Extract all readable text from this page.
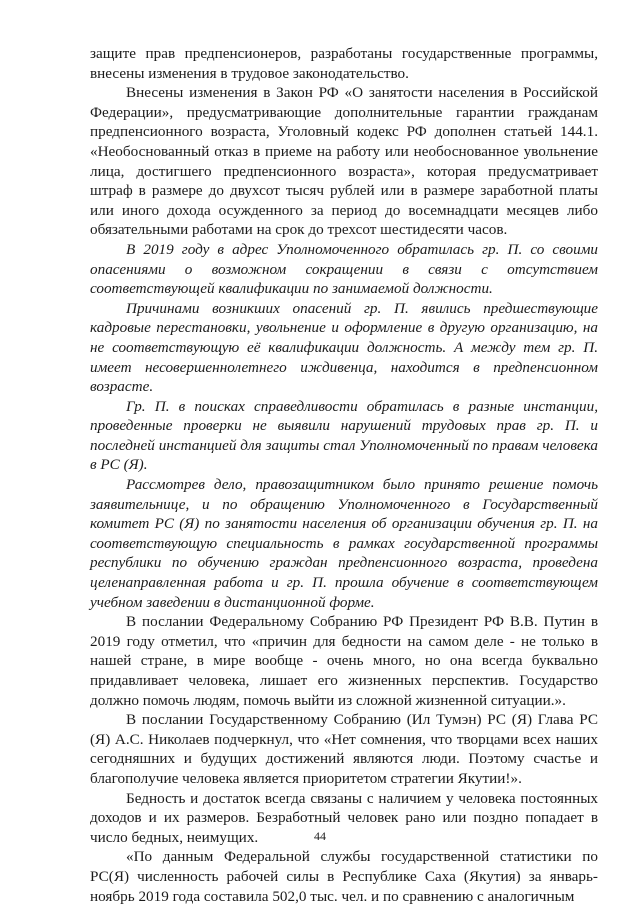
защите прав предпенсионеров, разработаны государственные программы, внесены изменения в трудовое законодательство.

Внесены изменения в Закон РФ «О занятости населения в Российской Федерации», предусматривающие дополнительные гарантии гражданам предпенсионного возраста, Уголовный кодекс РФ дополнен статьей 144.1. «Необоснованный отказ в приеме на работу или необоснованное увольнение лица, достигшего предпенсионного возраста», которая предусматривает штраф в размере до двухсот тысяч рублей или в размере заработной платы или иного дохода осужденного за период до восемнадцати месяцев либо обязательными работами на срок до трехсот шестидесяти часов.

В 2019 году в адрес Уполномоченного обратилась гр. П. со своими опасениями о возможном сокращении в связи с отсутствием соответствующей квалификации по занимаемой должности.

Причинами возникших опасений гр. П. явились предшествующие кадровые перестановки, увольнение и оформление в другую организацию, на не соответствующую её квалификации должность. А между тем гр. П. имеет несовершеннолетнего иждивенца, находится в предпенсионном возрасте.

Гр. П. в поисках справедливости обратилась в разные инстанции, проведенные проверки не выявили нарушений трудовых прав гр. П. и последней инстанцией для защиты стал Уполномоченный по правам человека в РС (Я).

Рассмотрев дело, правозащитником было принято решение помочь заявительнице, и по обращению Уполномоченного в Государственный комитет РС (Я) по занятости населения об организации обучения гр. П. на соответствующую специальность в рамках государственной программы республики по обучению граждан предпенсионного возраста, проведена целенаправленная работа и гр. П. прошла обучение в соответствующем учебном заведении в дистанционной форме.

В послании Федеральному Собранию РФ Президент РФ В.В. Путин в 2019 году отметил, что «причин для бедности на самом деле - не только в нашей стране, в мире вообще - очень много, но она всегда буквально придавливает человека, лишает его жизненных перспектив. Государство должно помочь людям, помочь выйти из сложной жизненной ситуации.».

В послании Государственному Собранию (Ил Тумэн) РС (Я) Глава РС (Я) А.С. Николаев подчеркнул, что «Нет сомнения, что творцами всех наших сегодняшних и будущих достижений являются люди. Поэтому счастье и благополучие человека является приоритетом стратегии Якутии!».

Бедность и достаток всегда связаны с наличием у человека постоянных доходов и их размеров. Безработный человек рано или поздно попадает в число бедных, неимущих.

«По данным Федеральной службы государственной статистики по РС(Я) численность рабочей силы в Республике Саха (Якутия) за январь-ноябрь 2019 года составила 502,0 тыс. чел. и по сравнению с аналогичным

44
